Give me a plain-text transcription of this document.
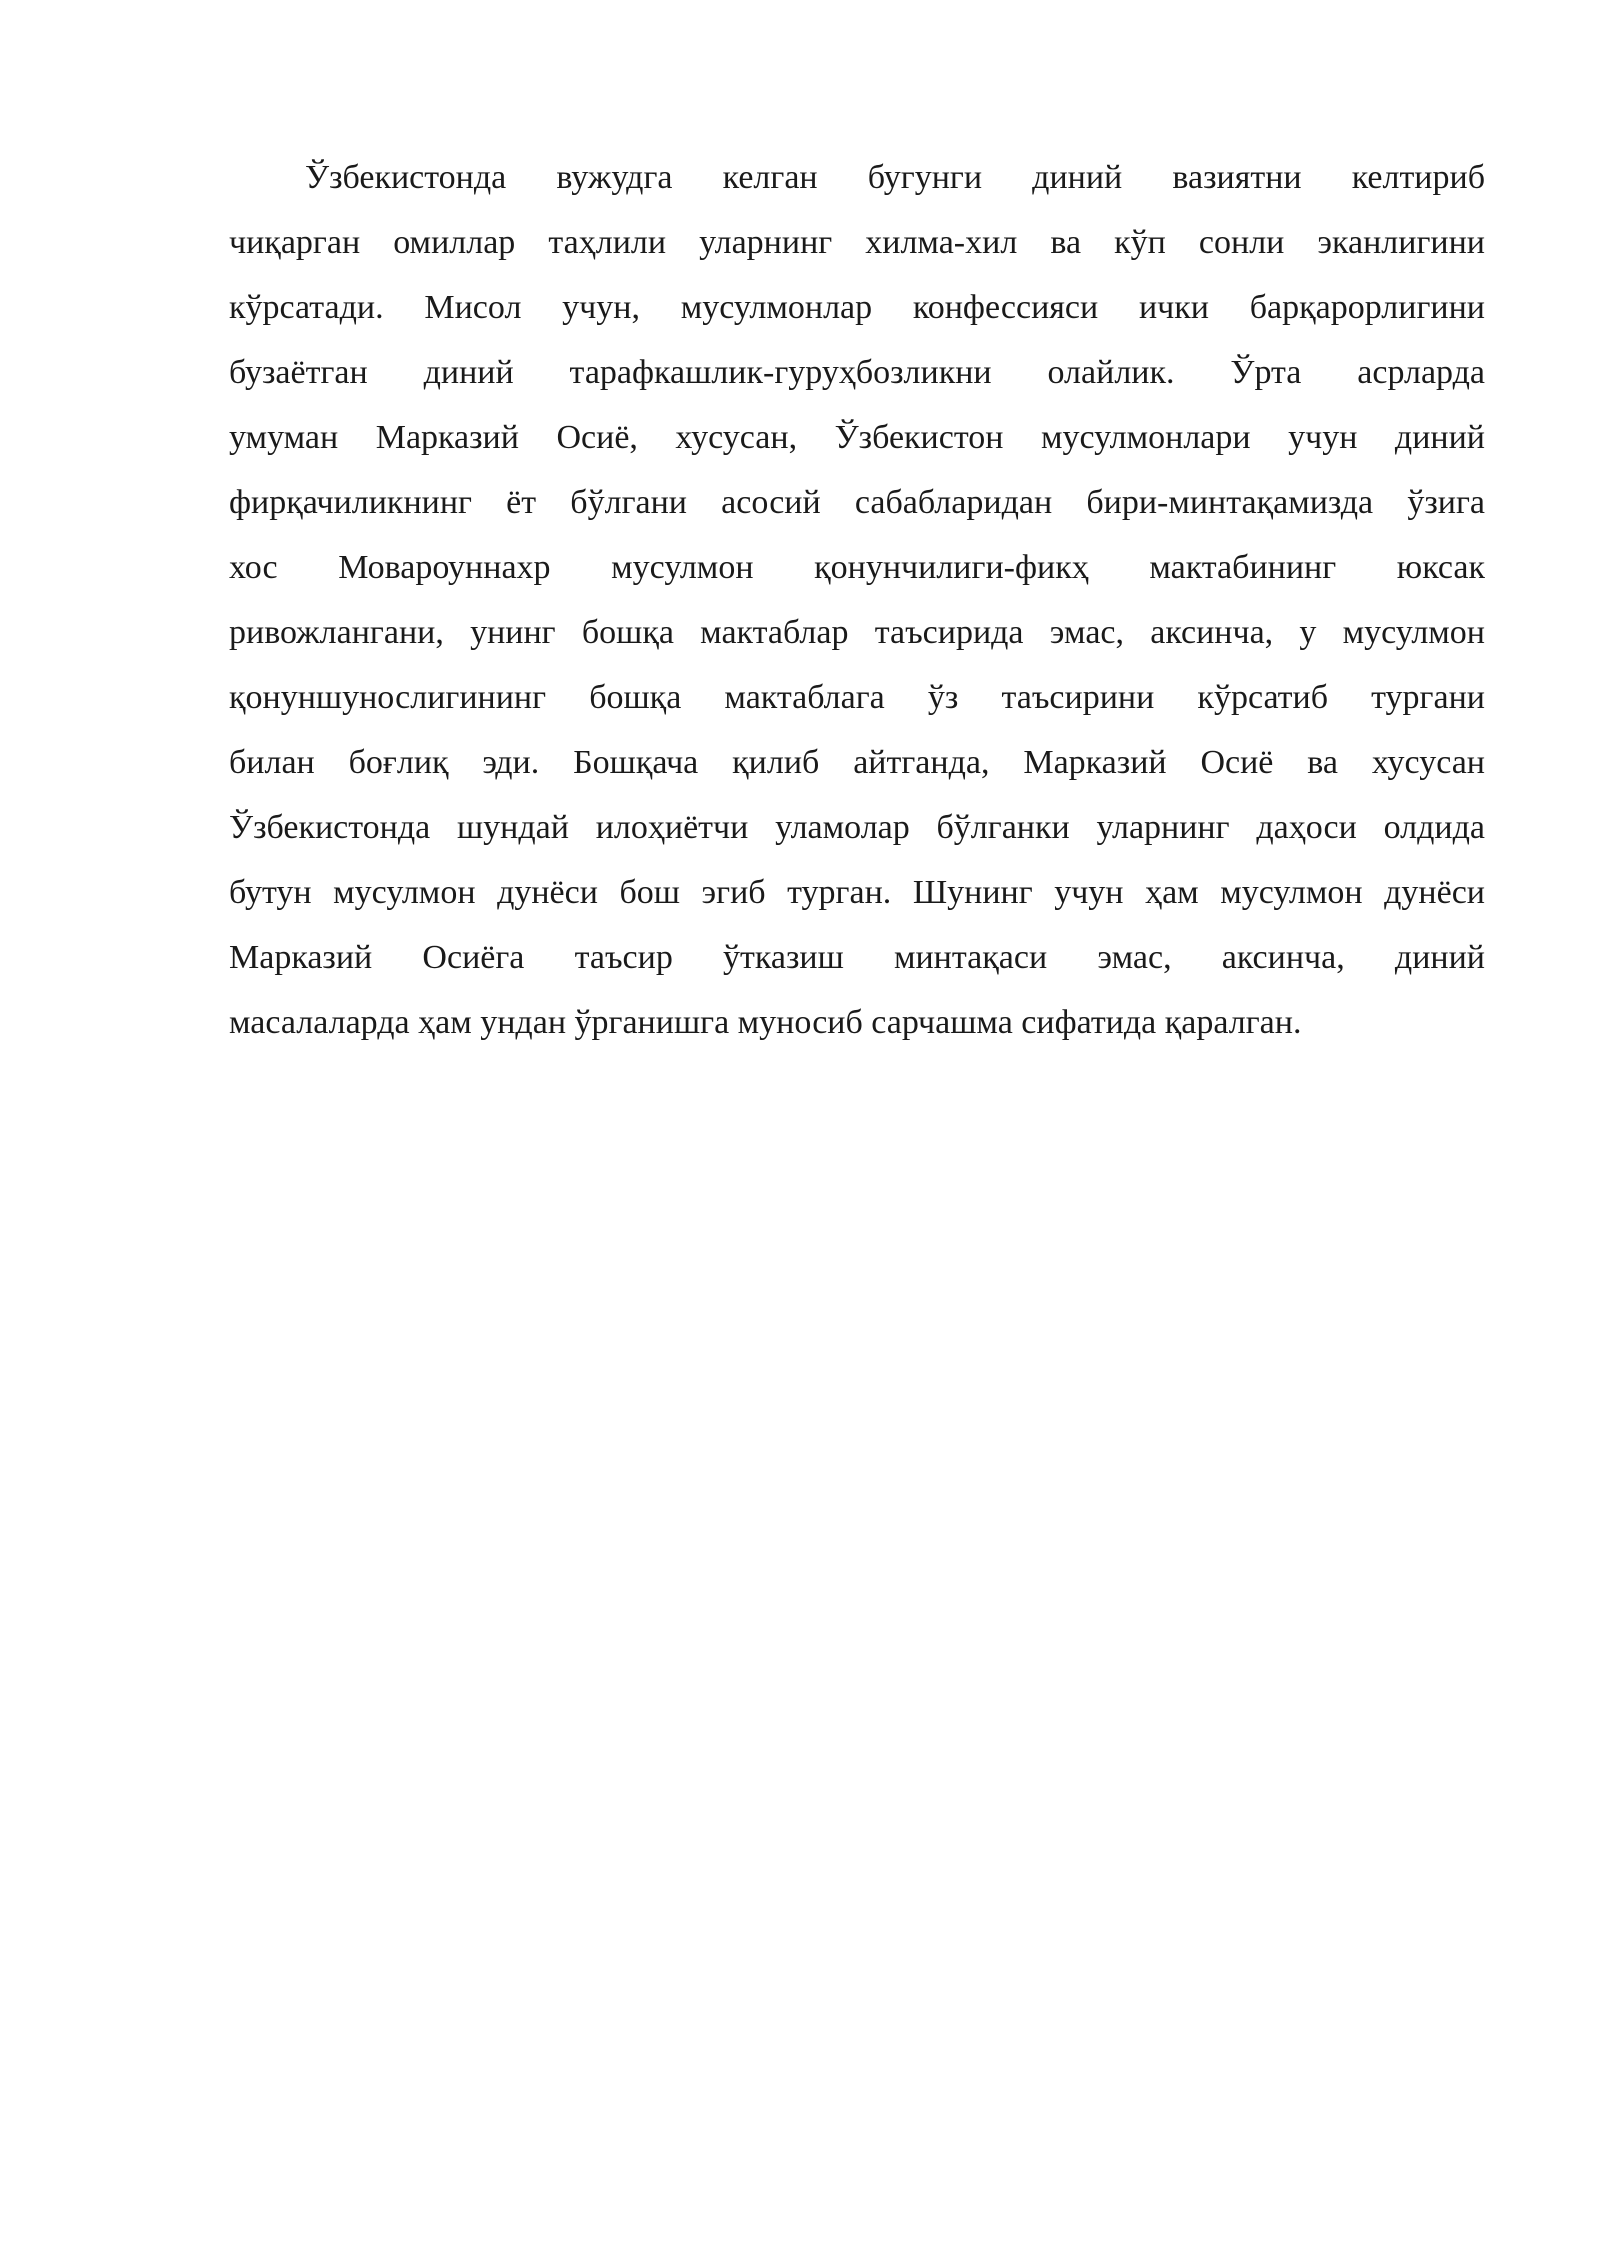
Ўзбекистонда вужудга келган бугунги диний вазиятни келтириб
чиқарган омиллар таҳлили уларнинг хилма-хил ва кўп сонли эканлигини
кўрсатади. Мисол учун, мусулмонлар конфессияси ички барқарорлигини
бузаётган диний тарафкашлик-гуруҳбозликни олайлик. Ўрта асрларда
умуман Марказий Осиё, хусусан, Ўзбекистон мусулмонлари учун диний
фирқачиликнинг ёт бўлгани асосий сабабларидан бири-минтақамизда ўзига
хос Мовароуннахр мусулмон қонунчилиги-фикҳ мактабининг юксак
ривожлангани, унинг бошқа мактаблар таъсирида эмас, аксинча, у мусулмон
қонуншунослигининг бошқа мактаблага ўз таъсирини кўрсатиб тургани
билан боғлиқ эди. Бошқача қилиб айтганда, Марказий Осиё ва хусусан
Ўзбекистонда шундай илоҳиётчи уламолар бўлганки уларнинг даҳоси олдида
бутун мусулмон дунёси бош эгиб турган. Шунинг учун ҳам мусулмон дунёси
Марказий Осиёга таъсир ўтказиш минтақаси эмас, аксинча, диний
масалаларда ҳам ундан ўрганишга муносиб сарчашма сифатида қаралган.
